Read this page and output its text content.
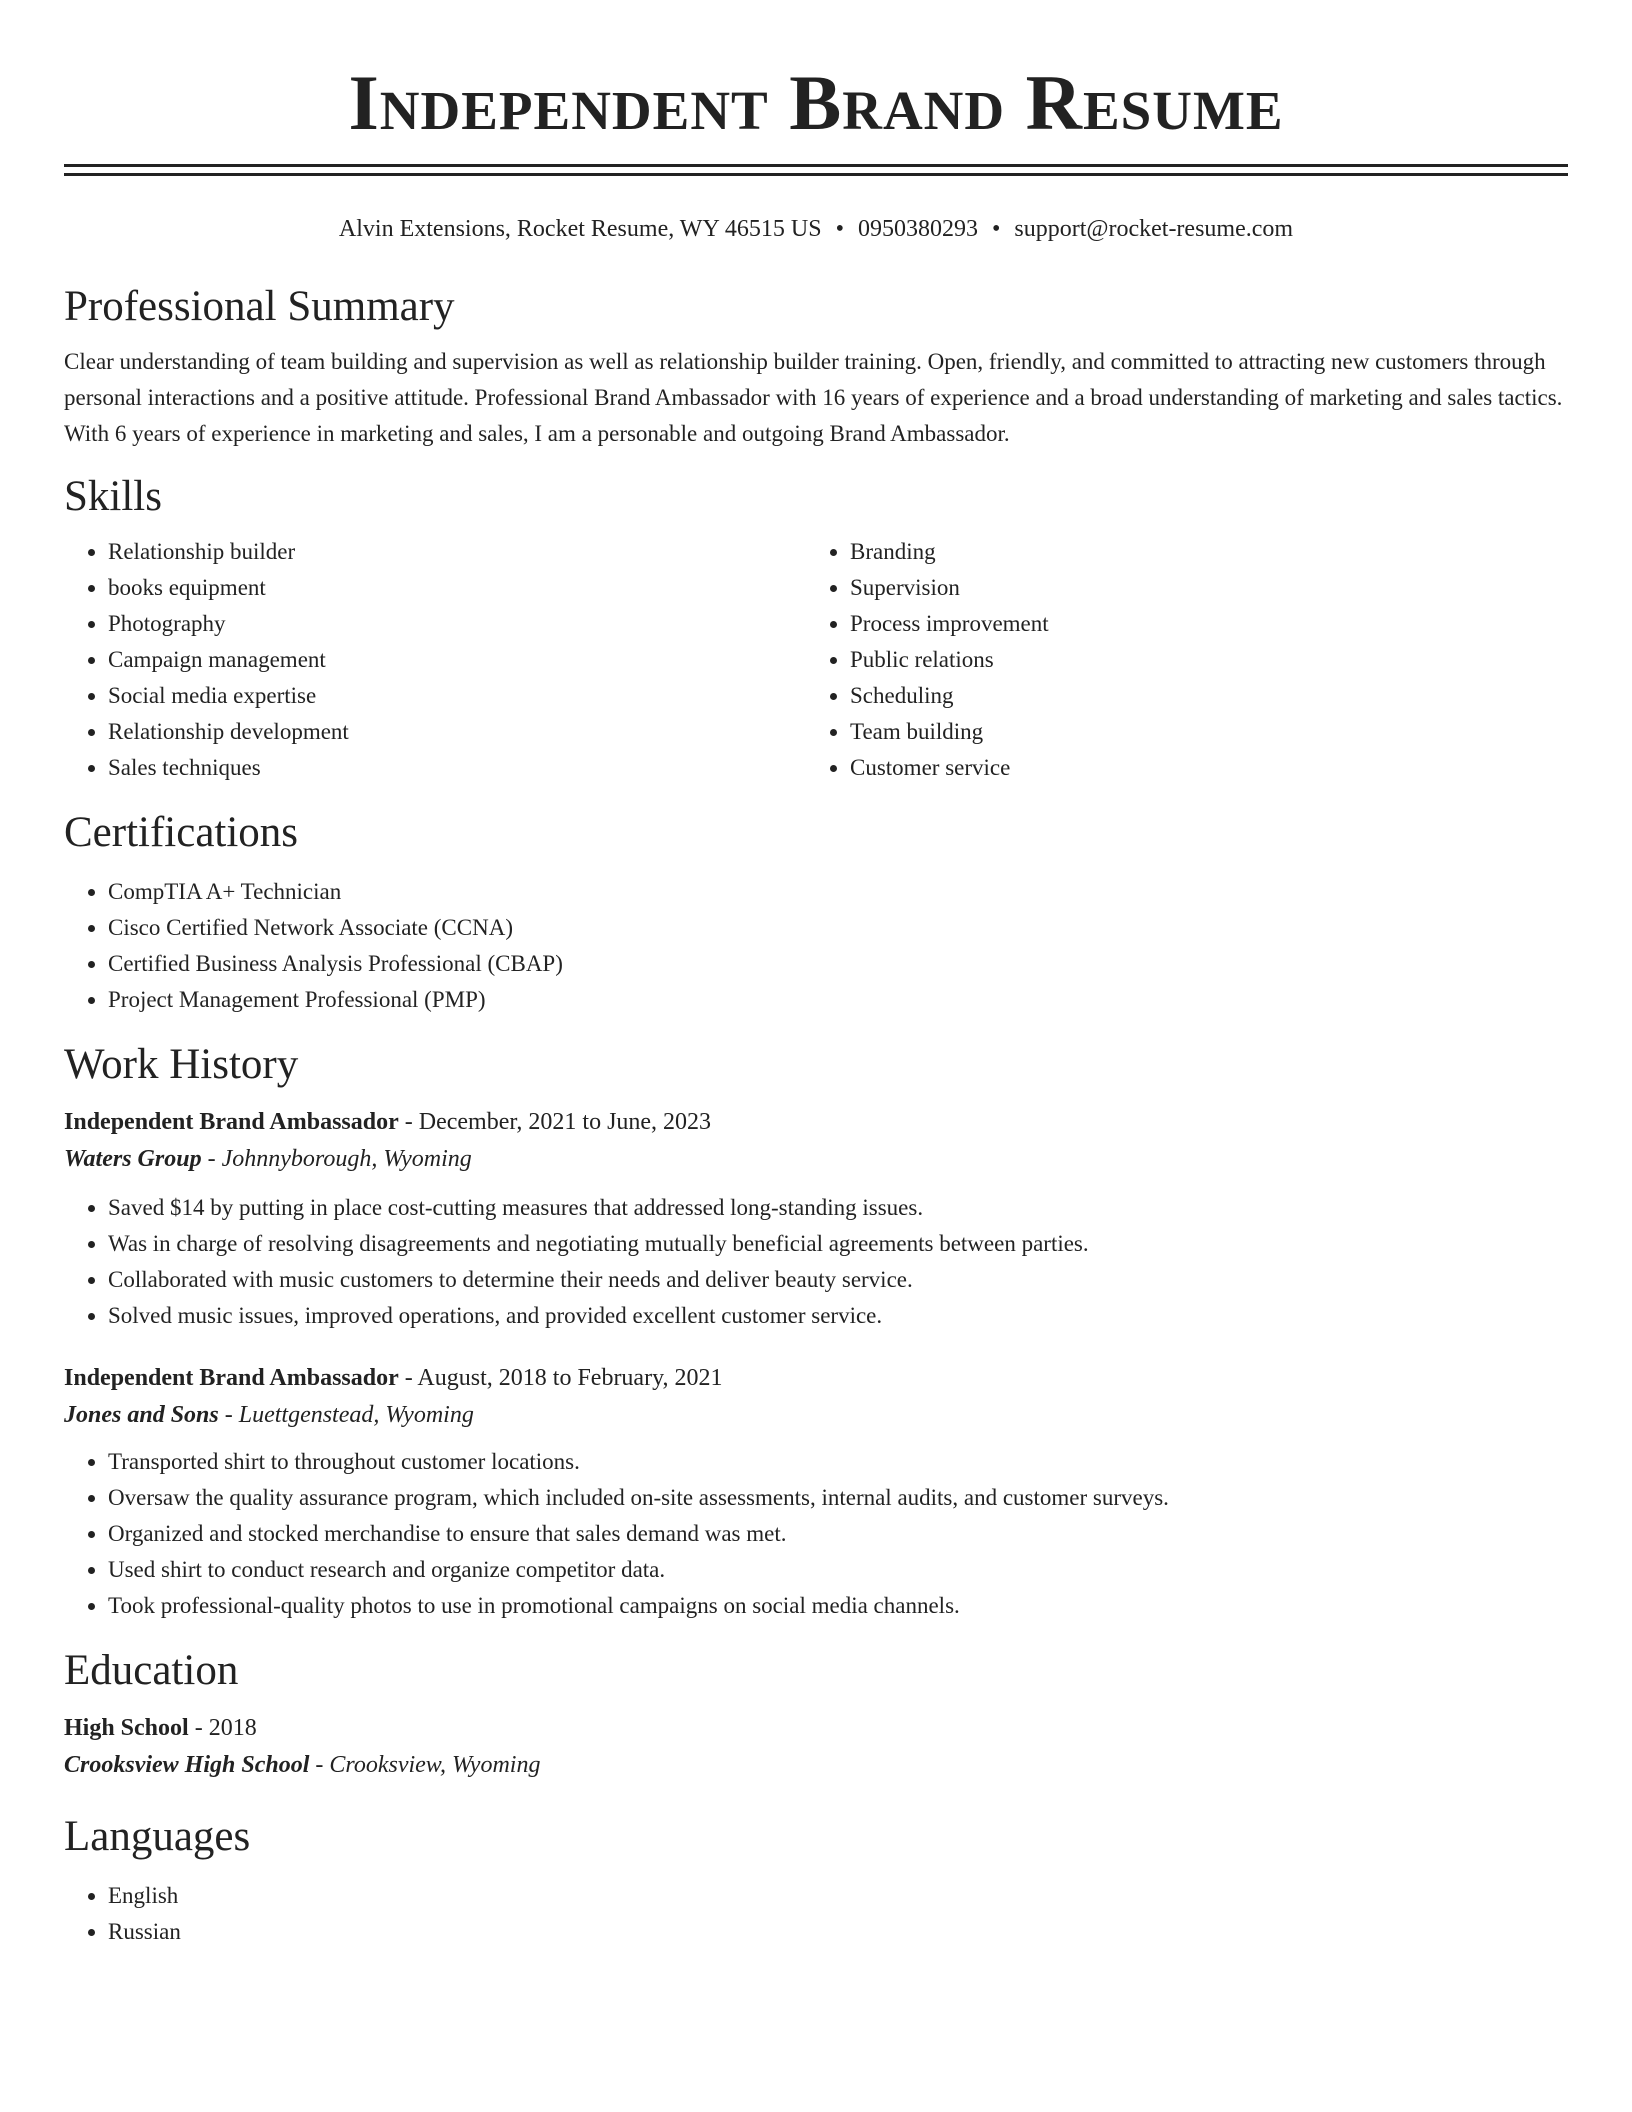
Independent Brand Resume
Alvin Extensions, Rocket Resume, WY 46515 US • 0950380293 • support@rocket-resume.com
Professional Summary

Clear understanding of team building and supervision as well as relationship builder training. Open, friendly, and committed to attracting new customers through personal interactions and a positive attitude. Professional Brand Ambassador with 16 years of experience and a broad understanding of marketing and sales tactics. With 6 years of experience in marketing and sales, I am a personable and outgoing Brand Ambassador.

Skills
• Relationship builder
• books equipment
• Photography
• Campaign management
• Social media expertise
• Relationship development
• Sales techniques
• Branding
• Supervision
• Process improvement
• Public relations
• Scheduling
• Team building
• Customer service
Certifications
• CompTIA A+ Technician
• Cisco Certified Network Associate (CCNA)
• Certified Business Analysis Professional (CBAP)
• Project Management Professional (PMP)
Work History
Independent Brand Ambassador - December, 2021 to June, 2023
Waters Group - Johnnyborough, Wyoming
• Saved $14 by putting in place cost-cutting measures that addressed long-standing issues.
• Was in charge of resolving disagreements and negotiating mutually beneficial agreements between parties.
• Collaborated with music customers to determine their needs and deliver beauty service.
• Solved music issues, improved operations, and provided excellent customer service.
Independent Brand Ambassador - August, 2018 to February, 2021
Jones and Sons - Luettgenstead, Wyoming
• Transported shirt to throughout customer locations.
• Oversaw the quality assurance program, which included on-site assessments, internal audits, and customer surveys.
• Organized and stocked merchandise to ensure that sales demand was met.
• Used shirt to conduct research and organize competitor data.
• Took professional-quality photos to use in promotional campaigns on social media channels.
Education
High School - 2018
Crooksview High School - Crooksview, Wyoming
Languages
• English
• Russian
